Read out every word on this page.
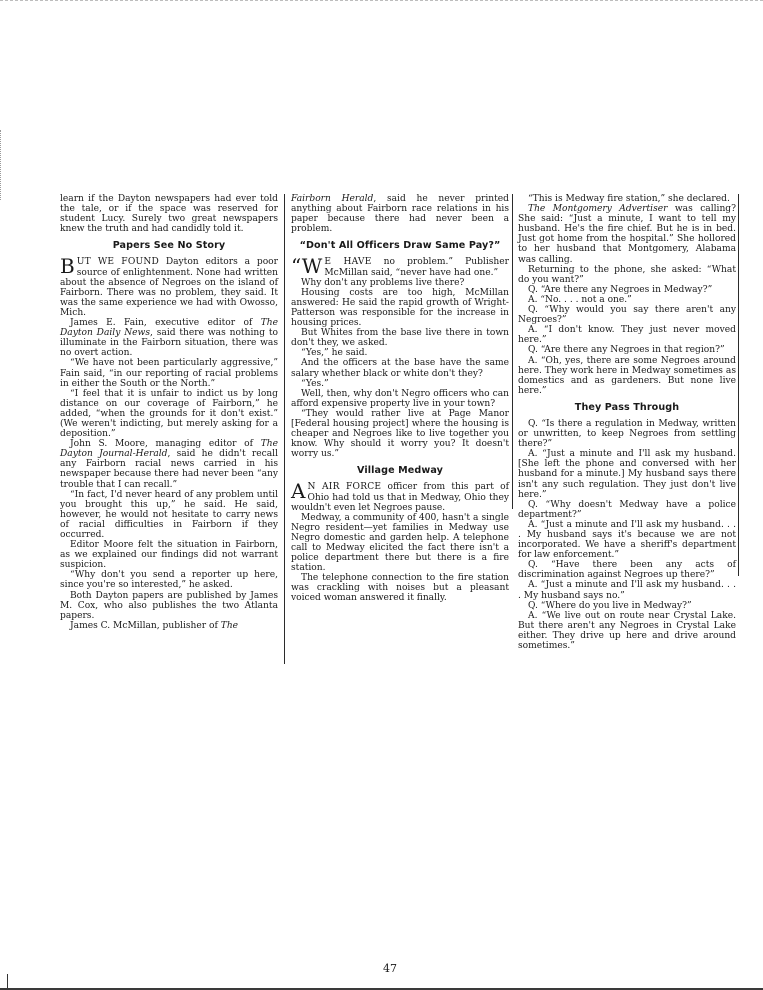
learn if the Dayton newspapers had ever told the tale, or if the space was reserved for student Lucy. Surely two great newspapers knew the truth and had candidly told it.

Papers See No Story

BUT WE FOUND Dayton editors a poor source of enlightenment. None had written about the absence of Negroes on the island of Fairborn. There was no problem, they said. It was the same experience we had with Owosso, Mich.

James E. Fain, executive editor of The Dayton Daily News, said there was nothing to illuminate in the Fairborn situation, there was no overt action.

“We have not been particularly aggressive,” Fain said, “in our reporting of racial problems in either the South or the North.”

“I feel that it is unfair to indict us by long distance on our coverage of Fairborn,” he added, “when the grounds for it don't exist.” (We weren't indicting, but merely asking for a deposition.”

John S. Moore, managing editor of The Dayton Journal-Herald, said he didn't recall any Fairborn racial news carried in his newspaper because there had never been “any trouble that I can recall.”

“In fact, I'd never heard of any problem until you brought this up,” he said. He said, however, he would not hesitate to carry news of racial difficulties in Fairborn if they occurred.

Editor Moore felt the situation in Fairborn, as we explained our findings did not warrant suspicion.

“Why don't you send a reporter up here, since you're so interested,” he asked.

Both Dayton papers are published by James M. Cox, who also publishes the two Atlanta papers.

James C. McMillan, publisher of The

Fairborn Herald, said he never printed anything about Fairborn race relations in his paper because there had never been a problem.

“Don't All Officers Draw Same Pay?”

“W E HAVE no problem.” Publisher McMillan said, “never have had one.”

Why don't any problems live there?

Housing costs are too high, McMillan answered: He said the rapid growth of Wright-Patterson was responsible for the increase in housing prices.

But Whites from the base live there in town don't they, we asked.

“Yes,” he said.

And the officers at the base have the same salary whether black or white don't they?

“Yes.”

Well, then, why don't Negro officers who can afford expensive property live in your town?

“They would rather live at Page Manor [Federal housing project] where the housing is cheaper and Negroes like to live together you know. Why should it worry you? It doesn't worry us.”

Village Medway

A N AIR FORCE officer from this part of Ohio had told us that in Medway, Ohio they wouldn't even let Negroes pause.

Medway, a community of 400, hasn't a single Negro resident—yet families in Medway use Negro domestic and garden help. A telephone call to Medway elicited the fact there isn't a police department there but there is a fire station.

The telephone connection to the fire station was crackling with noises but a pleasant voiced woman answered it finally.

“This is Medway fire station,” she declared.

The Montgomery Advertiser was calling? She said: “Just a minute, I want to tell my husband. He's the fire chief. But he is in bed. Just got home from the hospital.” She hollored to her husband that Montgomery, Alabama was calling.

Returning to the phone, she asked: “What do you want?”

Q. “Are there any Negroes in Medway?”

A. “No. . . . not a one.”

Q. “Why would you say there aren't any Negroes?”

A. “I don't know. They just never moved here.”

Q. “Are there any Negroes in that region?”

A. “Oh, yes, there are some Negroes around here. They work here in Medway sometimes as domestics and as gardeners. But none live here.”

They Pass Through

Q. “Is there a regulation in Medway, written or unwritten, to keep Negroes from settling there?”

A. “Just a minute and I'll ask my husband. [She left the phone and conversed with her husband for a minute.] My husband says there isn't any such regulation. They just don't live here.”

Q. “Why doesn't Medway have a police department?”

A. “Just a minute and I'll ask my husband. . . . My husband says it's because we are not incorporated. We have a sheriff's department for law enforcement.”

Q. “Have there been any acts of discrimination against Negroes up there?”

A. “Just a minute and I'll ask my husband. . . . My husband says no.”

Q. “Where do you live in Medway?”

A. “We live out on route near Crystal Lake. But there aren't any Negroes in Crystal Lake either. They drive up here and drive around sometimes.”

47
